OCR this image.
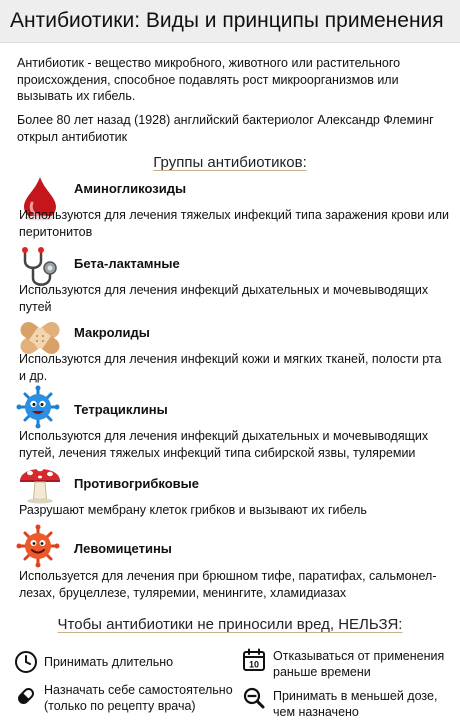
Антибиотики: Виды и принципы применения
Антибиотик - вещество микробного, животного или растительного происхождения, способное подавлять рост микроорганизмов или вызывать их гибель.
Более 80 лет назад (1928) английский бактериолог Александр Флеминг открыл антибиотик
Группы антибиотиков:
Аминогликозиды
Используются для лечения тяжелых инфекций типа заражения крови или перитонитов
Бета-лактамные
Используются для лечения инфекций дыхательных и мочевыводящих путей
Макролиды
Используются для лечения инфекций кожи и мягких тканей, полости рта и др.
Тетрациклины
Используются для лечения инфекций дыхательных и мочевыводящих путей, лечения тяжелых инфекций типа сибирской язвы, туляремии
Противогрибковые
Разрушают мембрану клеток грибков и вызывают их гибель
Левомицетины
Используется для лечения при брюшном тифе, паратифах, сальмонел-лезах, бруцеллезе, туляремии, менингите, хламидиазах
Чтобы антибиотики не приносили вред, НЕЛЬЗЯ:
Принимать длительно	10
Отказываться от применения раньше времени
Назначать себе самостоятельно (только по рецепту врача)
Принимать в меньшей дозе, чем назначено
